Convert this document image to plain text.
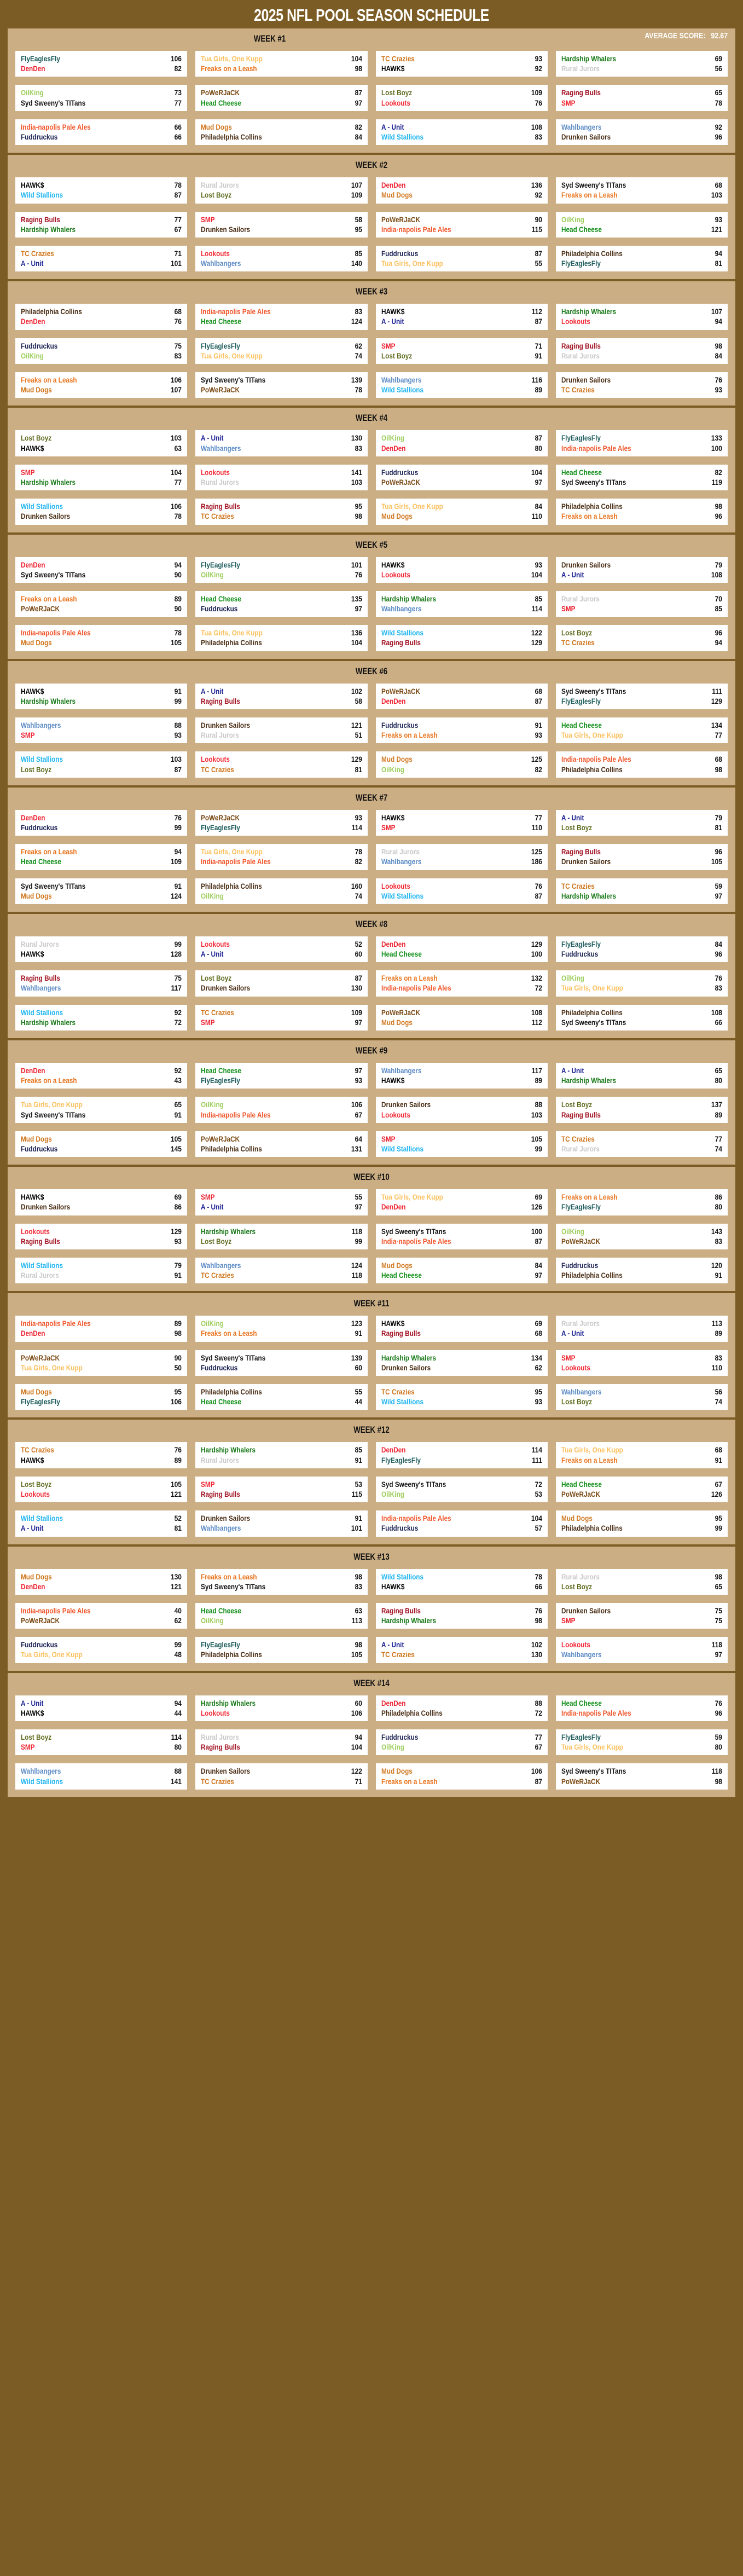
2025 NFL POOL SEASON SCHEDULE
AVERAGE SCORE: 92.67
WEEK #1
FlyEaglesFly	106
DenDen	82
Tua Girls, One Kupp	104
Freaks on a Leash	98
TC Crazies	93
HAWK$	92
Hardship Whalers	69
Rural Jurors	56
OilKing	73
Syd Sweeny's TITans	77
PoWeRJaCK	87
Head Cheese	97
Lost Boyz	109
Lookouts	76
Raging Bulls	65
SMP	78
India-napolis Pale Ales	66
Fuddruckus	66
Mud Dogs	82
Philadelphia Collins	84
A - Unit	108
Wild Stallions	83
Wahlbangers	92
Drunken Sailors	96
WEEK #2
HAWK$	78
Wild Stallions	87
Rural Jurors	107
Lost Boyz	109
DenDen	136
Mud Dogs	92
Syd Sweeny's TITans	68
Freaks on a Leash	103
Raging Bulls	77
Hardship Whalers	67
SMP	58
Drunken Sailors	95
PoWeRJaCK	90
India-napolis Pale Ales	115
OilKing	93
Head Cheese	121
TC Crazies	71
A - Unit	101
Lookouts	85
Wahlbangers	140
Fuddruckus	87
Tua Girls, One Kupp	55
Philadelphia Collins	94
FlyEaglesFly	81
WEEK #3
Philadelphia Collins	68
DenDen	76
India-napolis Pale Ales	83
Head Cheese	124
HAWK$	112
A - Unit	87
Hardship Whalers	107
Lookouts	94
Fuddruckus	75
OilKing	83
FlyEaglesFly	62
Tua Girls, One Kupp	74
SMP	71
Lost Boyz	91
Raging Bulls	98
Rural Jurors	84
Freaks on a Leash	106
Mud Dogs	107
Syd Sweeny's TITans	139
PoWeRJaCK	78
Wahlbangers	116
Wild Stallions	89
Drunken Sailors	76
TC Crazies	93
WEEK #4
Lost Boyz	103
HAWK$	63
A - Unit	130
Wahlbangers	83
OilKing	87
DenDen	80
FlyEaglesFly	133
India-napolis Pale Ales	100
SMP	104
Hardship Whalers	77
Lookouts	141
Rural Jurors	103
Fuddruckus	104
PoWeRJaCK	97
Head Cheese	82
Syd Sweeny's TITans	119
Wild Stallions	106
Drunken Sailors	78
Raging Bulls	95
TC Crazies	98
Tua Girls, One Kupp	84
Mud Dogs	110
Philadelphia Collins	98
Freaks on a Leash	96
WEEK #5
DenDen	94
Syd Sweeny's TITans	90
FlyEaglesFly	101
OilKing	76
HAWK$	93
Lookouts	104
Drunken Sailors	79
A - Unit	108
Freaks on a Leash	89
PoWeRJaCK	90
Head Cheese	135
Fuddruckus	97
Hardship Whalers	85
Wahlbangers	114
Rural Jurors	70
SMP	85
India-napolis Pale Ales	78
Mud Dogs	105
Tua Girls, One Kupp	136
Philadelphia Collins	104
Wild Stallions	122
Raging Bulls	129
Lost Boyz	96
TC Crazies	94
WEEK #6
HAWK$	91
Hardship Whalers	99
A - Unit	102
Raging Bulls	58
PoWeRJaCK	68
DenDen	87
Syd Sweeny's TITans	111
FlyEaglesFly	129
Wahlbangers	88
SMP	93
Drunken Sailors	121
Rural Jurors	51
Fuddruckus	91
Freaks on a Leash	93
Head Cheese	134
Tua Girls, One Kupp	77
Wild Stallions	103
Lost Boyz	87
Lookouts	129
TC Crazies	81
Mud Dogs	125
OilKing	82
India-napolis Pale Ales	68
Philadelphia Collins	98
WEEK #7
DenDen	76
Fuddruckus	99
PoWeRJaCK	93
FlyEaglesFly	114
HAWK$	77
SMP	110
A - Unit	79
Lost Boyz	81
Freaks on a Leash	94
Head Cheese	109
Tua Girls, One Kupp	78
India-napolis Pale Ales	82
Rural Jurors	125
Wahlbangers	186
Raging Bulls	96
Drunken Sailors	105
Syd Sweeny's TITans	91
Mud Dogs	124
Philadelphia Collins	160
OilKing	74
Lookouts	76
Wild Stallions	87
TC Crazies	59
Hardship Whalers	97
WEEK #8
Rural Jurors	99
HAWK$	128
Lookouts	52
A - Unit	60
DenDen	129
Head Cheese	100
FlyEaglesFly	84
Fuddruckus	96
Raging Bulls	75
Wahlbangers	117
Lost Boyz	87
Drunken Sailors	130
Freaks on a Leash	132
India-napolis Pale Ales	72
OilKing	76
Tua Girls, One Kupp	83
Wild Stallions	92
Hardship Whalers	72
TC Crazies	109
SMP	97
PoWeRJaCK	108
Mud Dogs	112
Philadelphia Collins	108
Syd Sweeny's TITans	66
WEEK #9
DenDen	92
Freaks on a Leash	43
Head Cheese	97
FlyEaglesFly	93
Wahlbangers	117
HAWK$	89
A - Unit	65
Hardship Whalers	80
Tua Girls, One Kupp	65
Syd Sweeny's TITans	91
OilKing	106
India-napolis Pale Ales	67
Drunken Sailors	88
Lookouts	103
Lost Boyz	137
Raging Bulls	89
Mud Dogs	105
Fuddruckus	145
PoWeRJaCK	64
Philadelphia Collins	131
SMP	105
Wild Stallions	99
TC Crazies	77
Rural Jurors	74
WEEK #10
HAWK$	69
Drunken Sailors	86
SMP	55
A - Unit	97
Tua Girls, One Kupp	69
DenDen	126
Freaks on a Leash	86
FlyEaglesFly	80
Lookouts	129
Raging Bulls	93
Hardship Whalers	118
Lost Boyz	99
Syd Sweeny's TITans	100
India-napolis Pale Ales	87
OilKing	143
PoWeRJaCK	83
Wild Stallions	79
Rural Jurors	91
Wahlbangers	124
TC Crazies	118
Mud Dogs	84
Head Cheese	97
Fuddruckus	120
Philadelphia Collins	91
WEEK #11
India-napolis Pale Ales	89
DenDen	98
OilKing	123
Freaks on a Leash	91
HAWK$	69
Raging Bulls	68
Rural Jurors	113
A - Unit	89
PoWeRJaCK	90
Tua Girls, One Kupp	50
Syd Sweeny's TITans	139
Fuddruckus	60
Hardship Whalers	134
Drunken Sailors	62
SMP	83
Lookouts	110
Mud Dogs	95
FlyEaglesFly	106
Philadelphia Collins	55
Head Cheese	44
TC Crazies	95
Wild Stallions	93
Wahlbangers	56
Lost Boyz	74
WEEK #12
TC Crazies	76
HAWK$	89
Hardship Whalers	85
Rural Jurors	91
DenDen	114
FlyEaglesFly	111
Tua Girls, One Kupp	68
Freaks on a Leash	91
Lost Boyz	105
Lookouts	121
SMP	53
Raging Bulls	115
Syd Sweeny's TITans	72
OilKing	53
Head Cheese	67
PoWeRJaCK	126
Wild Stallions	52
A - Unit	81
Drunken Sailors	91
Wahlbangers	101
India-napolis Pale Ales	104
Fuddruckus	57
Mud Dogs	95
Philadelphia Collins	99
WEEK #13
Mud Dogs	130
DenDen	121
Freaks on a Leash	98
Syd Sweeny's TITans	83
Wild Stallions	78
HAWK$	66
Rural Jurors	98
Lost Boyz	65
India-napolis Pale Ales	40
PoWeRJaCK	62
Head Cheese	63
OilKing	113
Raging Bulls	76
Hardship Whalers	98
Drunken Sailors	75
SMP	75
Fuddruckus	99
Tua Girls, One Kupp	48
FlyEaglesFly	98
Philadelphia Collins	105
A - Unit	102
TC Crazies	130
Lookouts	118
Wahlbangers	97
WEEK #14
A - Unit	94
HAWK$	44
Hardship Whalers	60
Lookouts	106
DenDen	88
Philadelphia Collins	72
Head Cheese	76
India-napolis Pale Ales	96
Lost Boyz	114
SMP	80
Rural Jurors	94
Raging Bulls	104
Fuddruckus	77
OilKing	67
FlyEaglesFly	59
Tua Girls, One Kupp	80
Wahlbangers	88
Wild Stallions	141
Drunken Sailors	122
TC Crazies	71
Mud Dogs	106
Freaks on a Leash	87
Syd Sweeny's TITans	118
PoWeRJaCK	98
